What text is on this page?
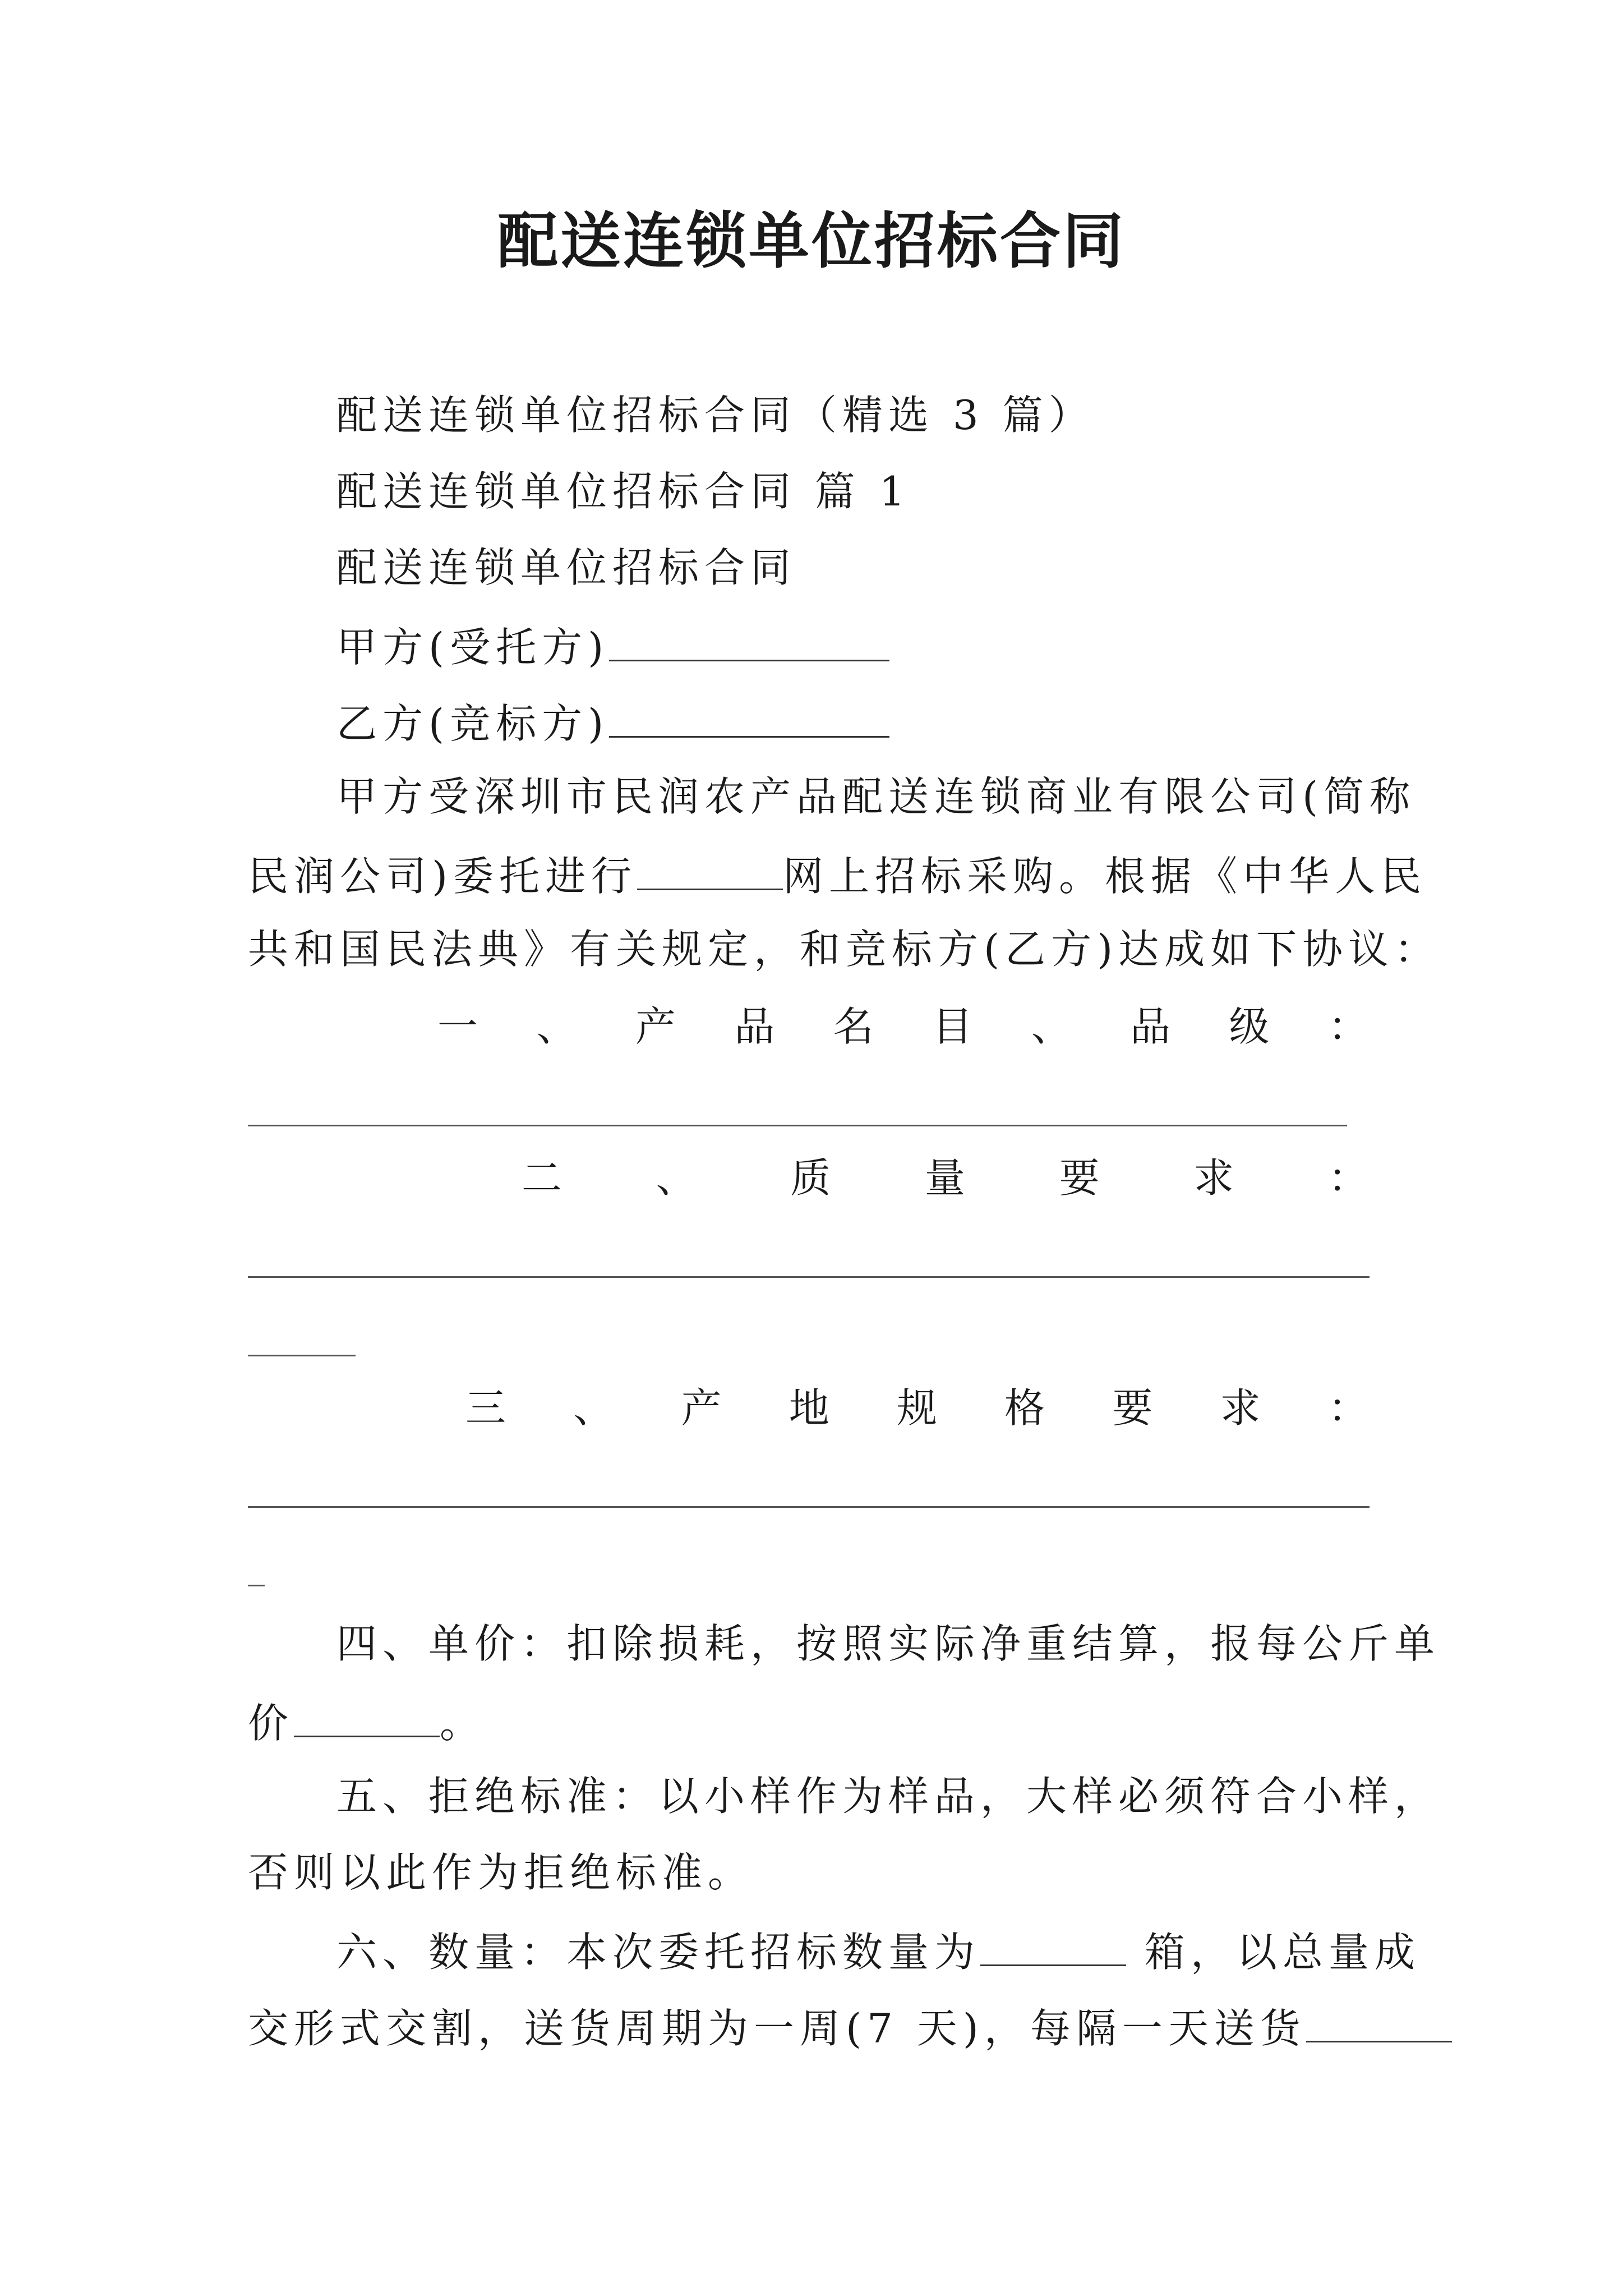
配送连锁单位招标合同
配送连锁单位招标合同（精选 3 篇）
配送连锁单位招标合同 篇 1
配送连锁单位招标合同
甲方(受托方)
乙方(竞标方)
甲方受深圳市民润农产品配送连锁商业有限公司(简称
民润公司)委托进行	网上招标采购。根据《中华人民
共和国民法典》有关规定，和竞标方(乙方)达成如下协议：
一 、 产 品 名 目 、 品 级 ：
二 、 质 量 要 求 ：
三 、 产 地 规 格 要 求 ：
四、单价：扣除损耗，按照实际净重结算，报每公斤单
价	。
五、拒绝标准：以小样作为样品，大样必须符合小样，
否则以此作为拒绝标准。
六、数量：本次委托招标数量为	箱，以总量成
交形式交割，送货周期为一周(7 天)，每隔一天送货
